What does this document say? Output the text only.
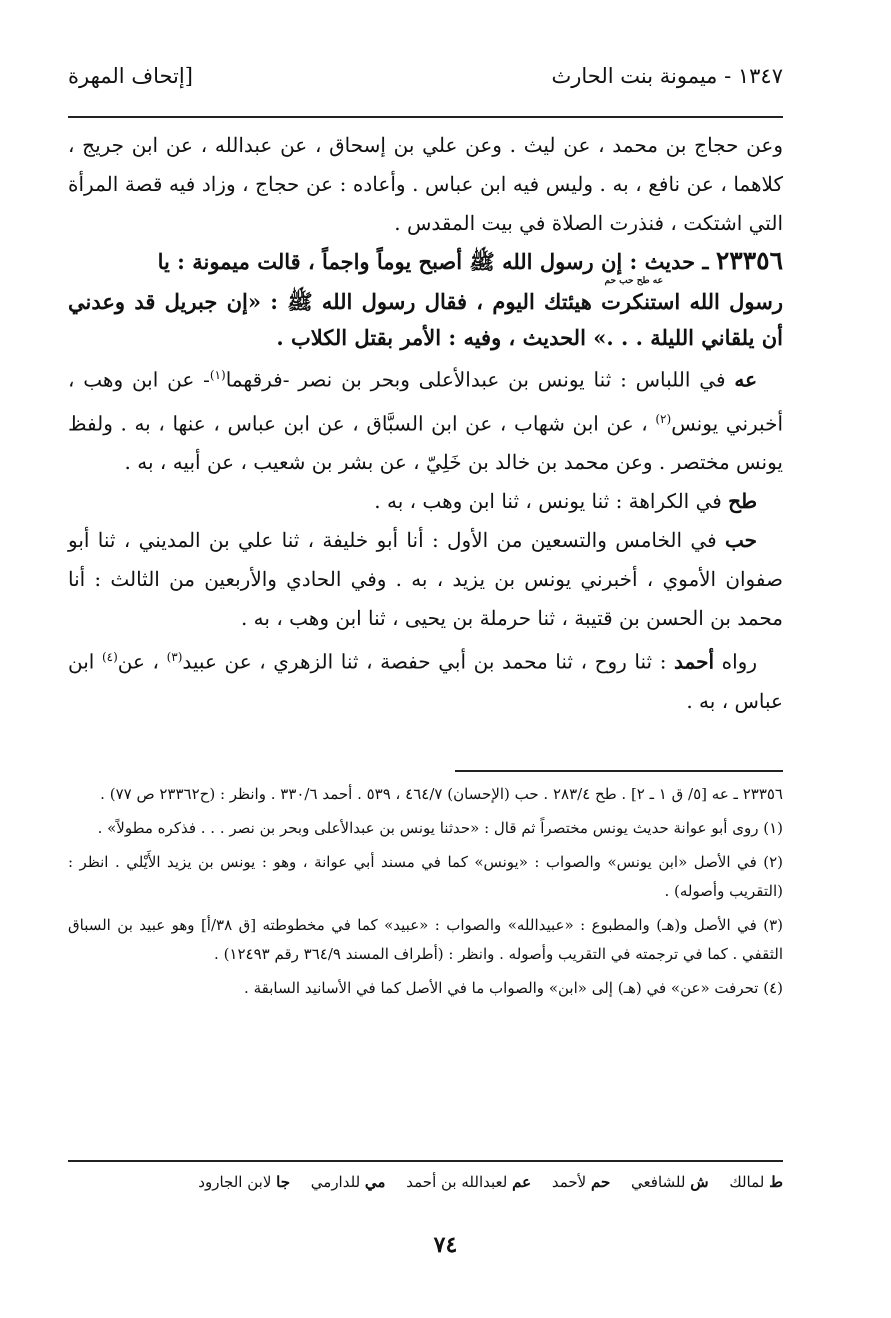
١٣٤٧ - ميمونة بنت الحارث
[إتحاف المهرة

وعن حجاج بن محمد ، عن ليث . وعن علي بن إسحاق ، عن عبدالله ، عن ابن جريج ، كلاهما ، عن نافع ، به . وليس فيه ابن عباس . وأعاده : عن حجاج ، وزاد فيه قصة المرأة التي اشتكت ، فنذرت الصلاة في بيت المقدس .

٢٣٣٥٦ ـ حديث : إن رسول الله ﷺ أصبح يوماً واجماً ، قالت ميمونة : يا
عه طح حب حم
رسول الله استنكرت هيئتك اليوم ، فقال رسول الله ﷺ : «إن جبريل قد وعدني أن يلقاني الليلة . . .» الحديث ، وفيه : الأمر بقتل الكلاب .

عه في اللباس : ثنا يونس بن عبدالأعلى وبحر بن نصر -فرقهما$^{(١)}$- عن ابن وهب ، أخبرني يونس$^{(٢)}$ ، عن ابن شهاب ، عن ابن السبَّاق ، عن ابن عباس ، عنها ، به . ولفظ يونس مختصر . وعن محمد بن خالد بن خَلِيّ ، عن بشر بن شعيب ، عن أبيه ، به .

طح في الكراهة : ثنا يونس ، ثنا ابن وهب ، به .

حب في الخامس والتسعين من الأول : أنا أبو خليفة ، ثنا علي بن المديني ، ثنا أبو صفوان الأموي ، أخبرني يونس بن يزيد ، به . وفي الحادي والأربعين من الثالث : أنا محمد بن الحسن بن قتيبة ، ثنا حرملة بن يحيى ، ثنا ابن وهب ، به .

رواه أحمد : ثنا روح ، ثنا محمد بن أبي حفصة ، ثنا الزهري ، عن عبيد$^{(٣)}$ ، عن$^{(٤)}$ ابن عباس ، به .

٢٣٣٥٦ ـ عه [٥/ ق ١ ـ ٢] . طح ٢٨٣/٤ . حب (الإحسان) ٤٦٤/٧ ، ٥٣٩ . أحمد ٣٣٠/٦ . وانظر : (ح٢٣٣٦٢ ص ٧٧) .

(١) روى أبو عوانة حديث يونس مختصراً ثم قال : «حدثنا يونس بن عبدالأعلى وبحر بن نصر . . . فذكره مطولاً» .

(٢) في الأصل «ابن يونس» والصواب : «يونس» كما في مسند أبي عوانة ، وهو : يونس بن يزيد الأَيْلي . انظر : (التقريب وأصوله) .

(٣) في الأصل و(هـ) والمطبوع : «عبيدالله» والصواب : «عبيد» كما في مخطوطته [ق ٣٨/أ] وهو عبيد بن السباق الثقفي . كما في ترجمته في التقريب وأصوله . وانظر : (أطراف المسند ٣٦٤/٩ رقم ١٢٤٩٣) .

(٤) تحرفت «عن» في (هـ) إلى «ابن» والصواب ما في الأصل كما في الأسانيد السابقة .

ط لمالك ش للشافعي حم لأحمد عم لعبدالله بن أحمد مي للدارمي جا لابن الجارود
٧٤
